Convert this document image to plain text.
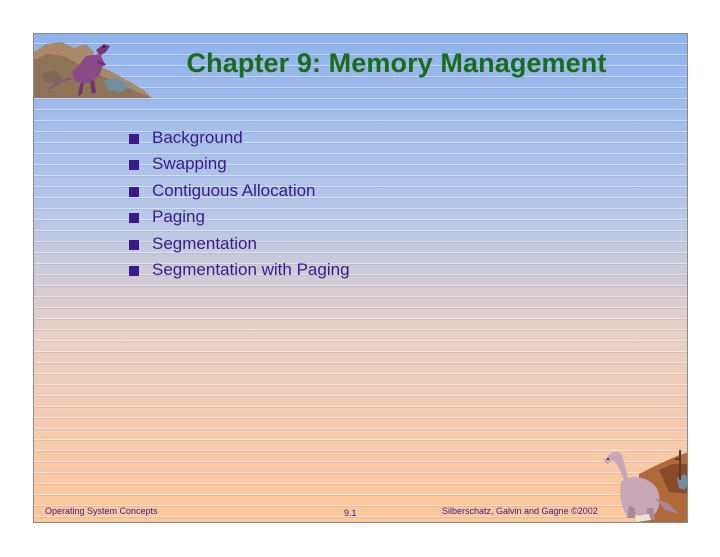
Chapter 9: Memory Management
Background
Swapping
Contiguous Allocation
Paging
Segmentation
Segmentation with Paging
Operating System Concepts	9.1	Silberschatz, Galvin and Gagne ©2002
